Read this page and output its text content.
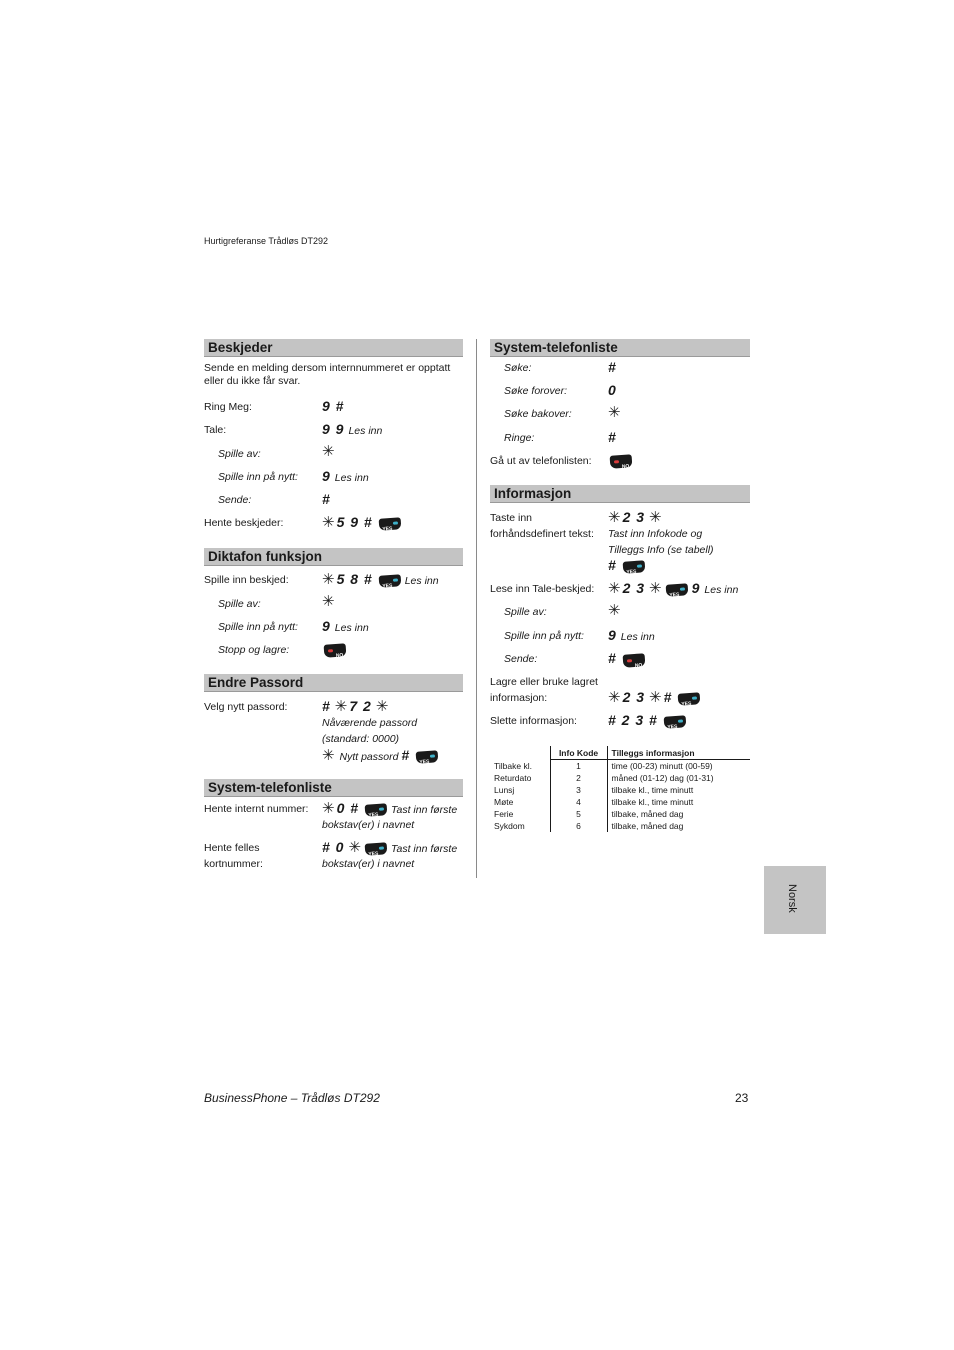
Hurtigreferanse Trådløs DT292
Beskjeder
Sende en melding dersom internnummeret er opptatt eller du ikke får svar.
Ring Meg:	9 #
Tale:	9 9 Les inn
Spille av:	✳
Spille inn på nytt: 9 Les inn
Sende:	#
Hente beskjeder:	✳ 5 9 #YES
Diktafon funksjon
Spille inn beskjed: ✳ 5 8 # YES	Les inn
Spille av:	✳
Spille inn på nytt: 9 Les inn
Stopp og lagre:
NO
Endre Passord
Velg nytt passord: # ✳ 7 2 ✳
Nåværende passord
(standard: 0000)
✳ Nytt passord #YES
System-telefonliste
Hente internt nummer: ✳ 0 # YES	Tast inn første
bokstav(er) i navnet
Hente felles
kortnummer:
# 0 ✳ YES	Tast inn første
bokstav(er) i navnet
System-telefonliste
Søke:	#
Søke forover:	0
Søke bakover: ✳
Ringe:	#
Gå ut av telefonlisten:
NO
Informasjon
Taste inn
forhåndsdefinert tekst:
✳ 2 3 ✳
Tast inn Infokode og
Tilleggs Info (se tabell)
#YES
Lese inn Tale-beskjed: ✳ 2 3 ✳ YES 9 Les inn
Spille av:	✳
Spille inn på nytt: 9 Les inn
Sende:	#NO
Lagre eller bruke lagret
informasjon:	✳ 2 3 ✳ #YES
Slette informasjon: # 2 3 #YES
	Info Kode	Tilleggs informasjon
Tilbake kl.	1	time (00-23) minutt (00-59)
Returdato	2	måned (01-12) dag (01-31)
Lunsj	3	tilbake kl., time minutt
Møte	4	tilbake kl., time minutt
Ferie	5	tilbake, måned dag
Sykdom	6	tilbake, måned dag
Norsk
BusinessPhone – Trådløs DT292	23
